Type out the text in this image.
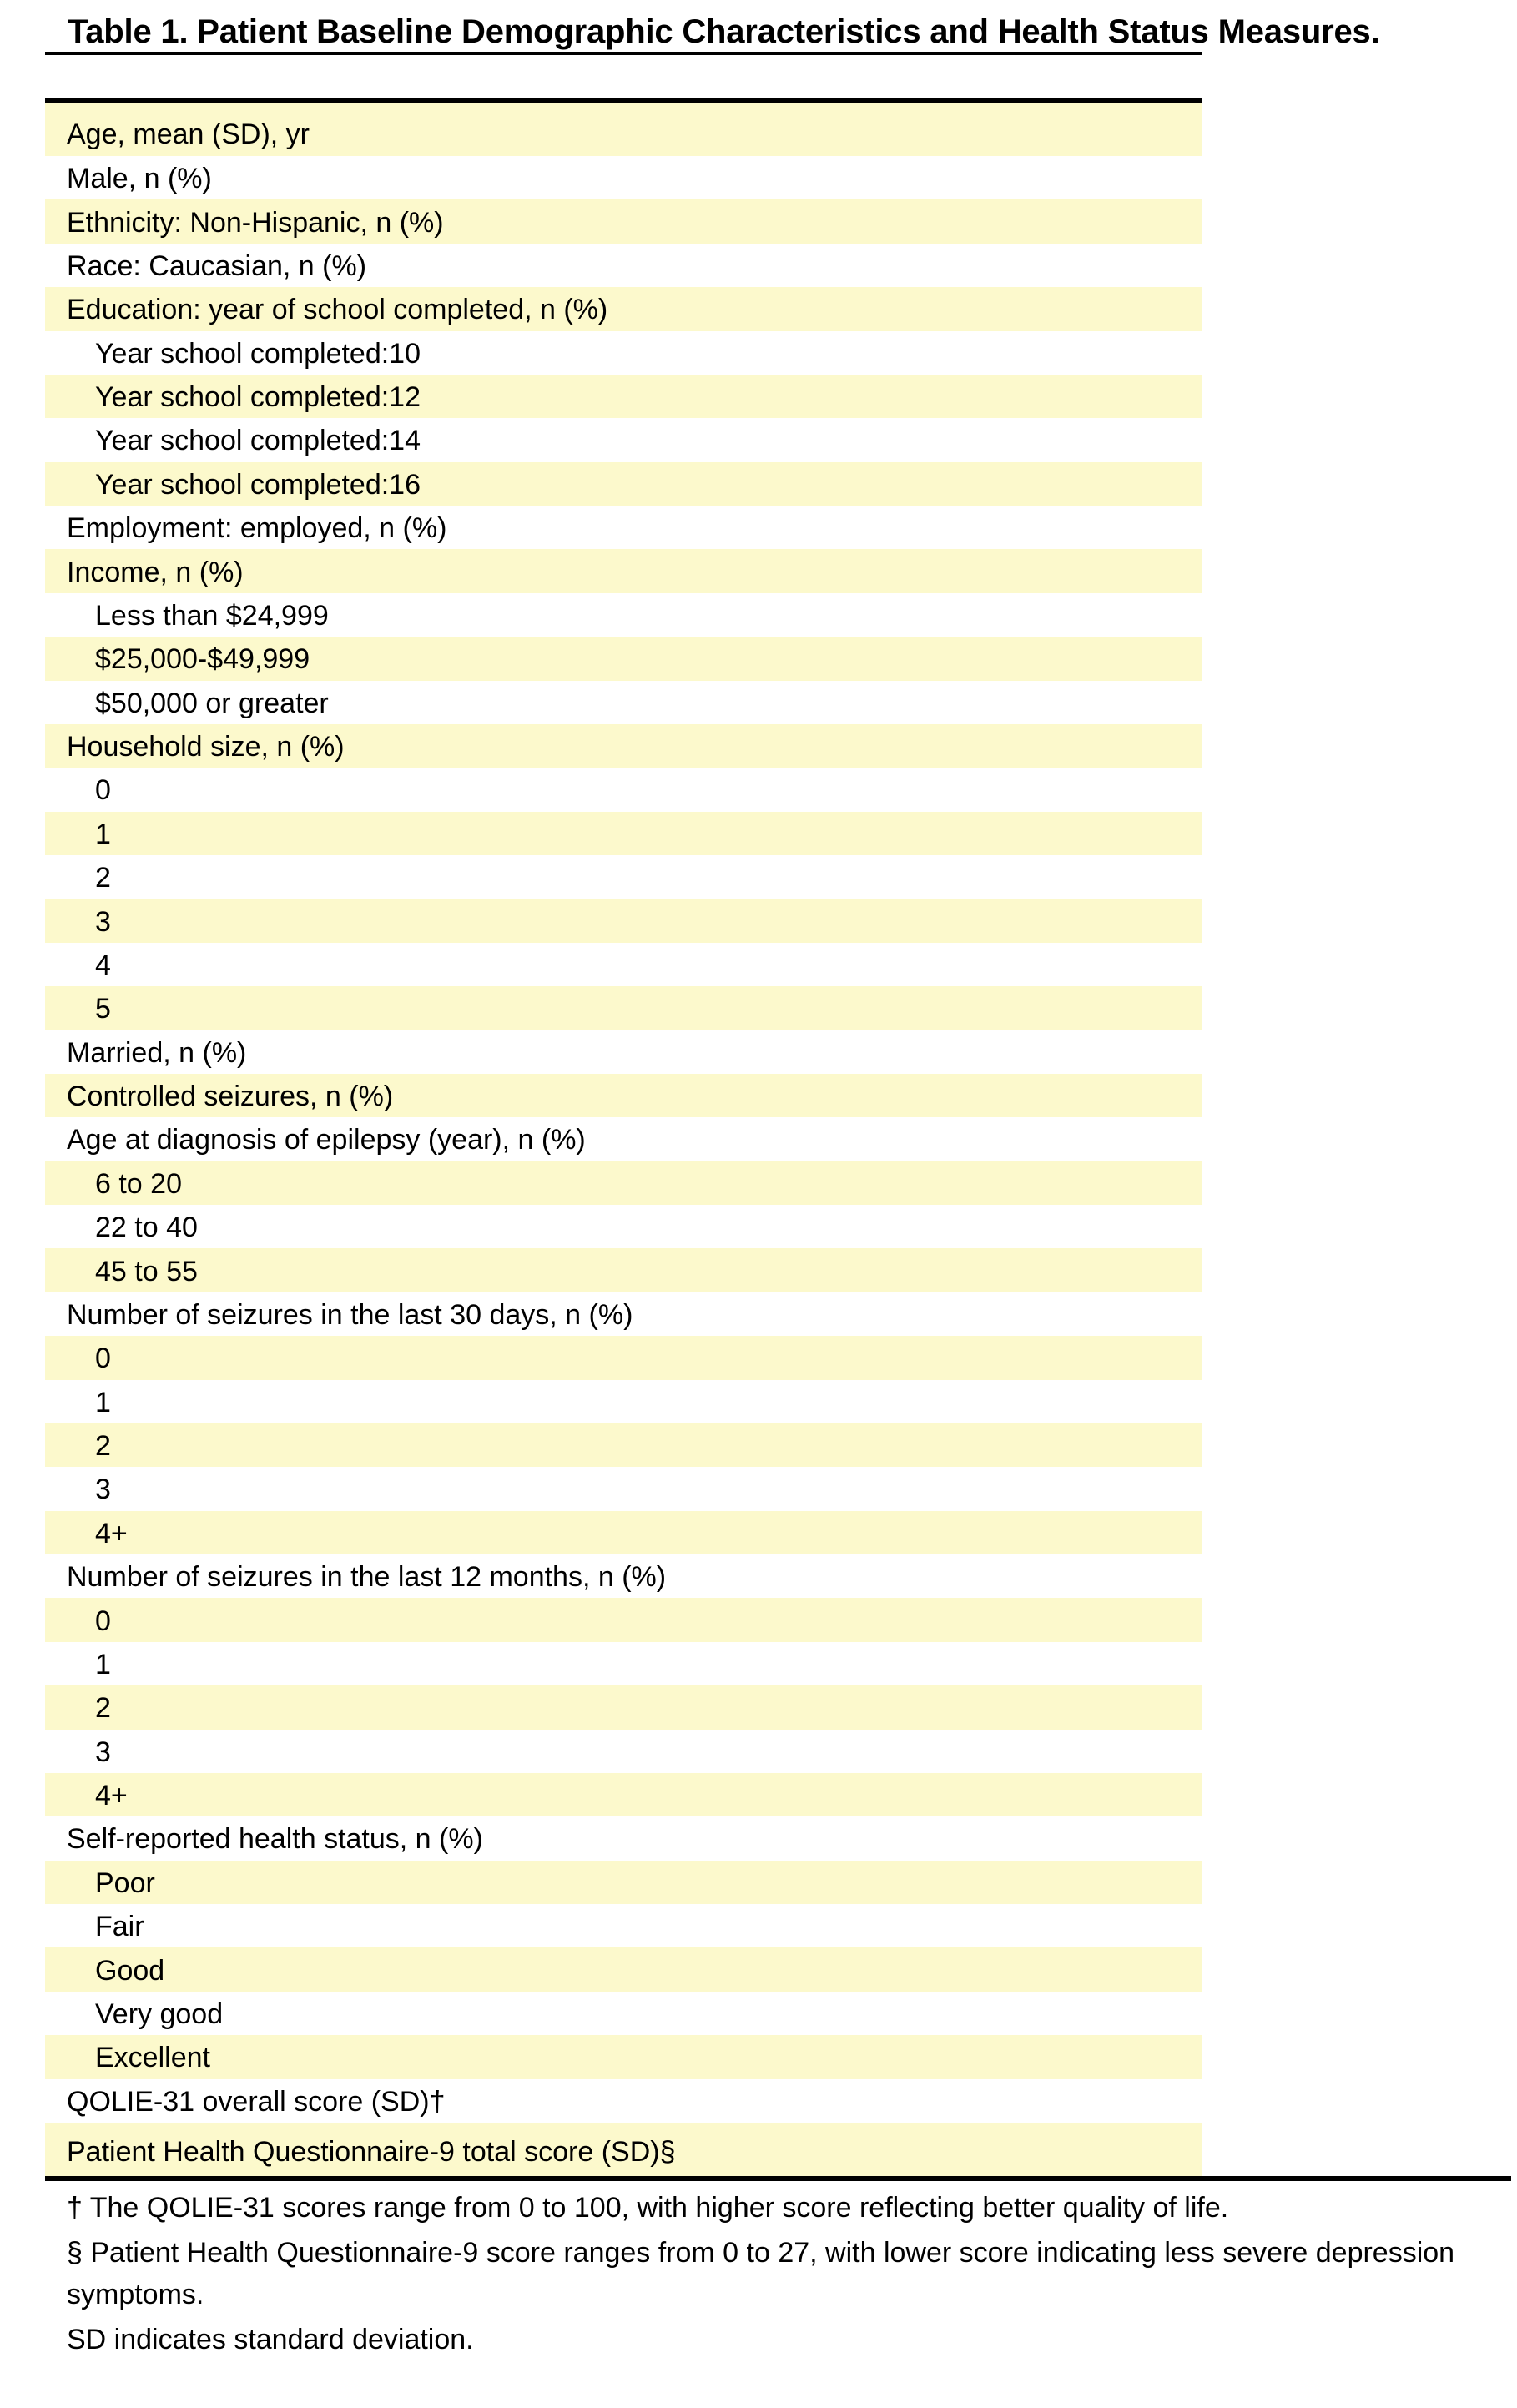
Table 1. Patient Baseline Demographic Characteristics and Health Status Measures.
Age, mean (SD), yr
Male, n (%)
Ethnicity: Non-Hispanic, n (%)
Race: Caucasian, n (%)
Education: year of school completed, n (%)
Year school completed:10
Year school completed:12
Year school completed:14
Year school completed:16
Employment: employed, n (%)
Income, n (%)
Less than $24,999
$25,000-$49,999
$50,000 or greater
Household size, n (%)
0
1
2
3
4
5
Married, n (%)
Controlled seizures, n (%)
Age at diagnosis of epilepsy (year), n (%)
6 to 20
22 to 40
45 to 55
Number of seizures in the last 30 days, n (%)
0
1
2
3
4+
Number of seizures in the last 12 months, n (%)
0
1
2
3
4+
Self-reported health status, n (%)
Poor
Fair
Good
Very good
Excellent
QOLIE-31 overall score (SD)†
Patient Health Questionnaire-9 total score (SD)§

† The QOLIE-31 scores range from 0 to 100, with higher score reflecting better quality of life.

§ Patient Health Questionnaire-9 score ranges from 0 to 27, with lower score indicating less severe depression symptoms.

SD indicates standard deviation.
